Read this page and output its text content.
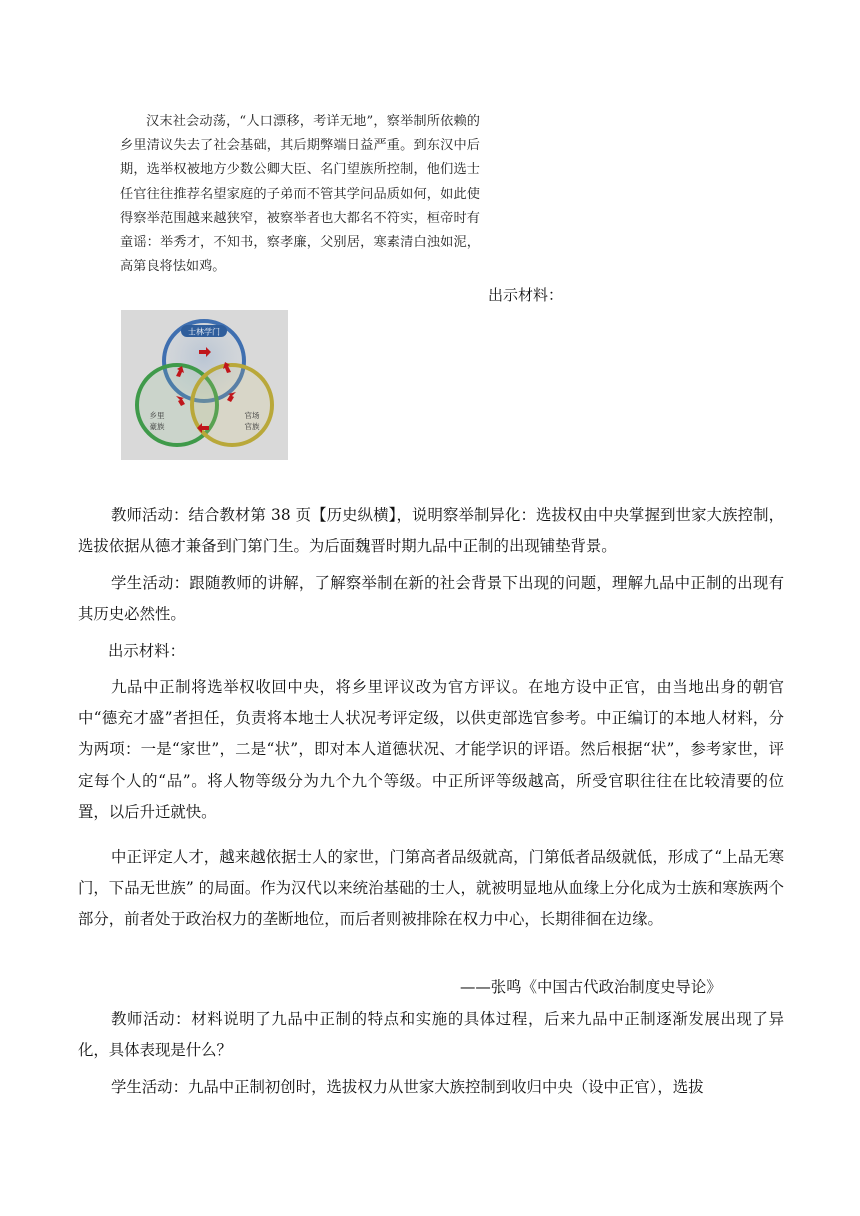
汉末社会动荡，“人口漂移，考详无地”，察举制所依赖的乡里清议失去了社会基础，其后期弊端日益严重。到东汉中后期，选举权被地方少数公卿大臣、名门望族所控制，他们选士任官往往推荐名望家庭的子弟而不管其学问品质如何，如此使得察举范围越来越狭窄，被察举者也大都名不符实，桓帝时有童谣：举秀才，不知书，察孝廉，父别居，寒素清白浊如泥，高第良将怯如鸡。

出示材料：
士林学门
乡里
豪族
官场
官族

教师活动：结合教材第 38 页【历史纵横】，说明察举制异化：选拔权由中央掌握到世家大族控制，选拔依据从德才兼备到门第门生。为后面魏晋时期九品中正制的出现铺垫背景。

学生活动：跟随教师的讲解，了解察举制在新的社会背景下出现的问题，理解九品中正制的出现有其历史必然性。

出示材料：

九品中正制将选举权收回中央，将乡里评议改为官方评议。在地方设中正官，由当地出身的朝官中“德充才盛”者担任，负责将本地士人状况考评定级，以供吏部选官参考。中正编订的本地人材料，分为两项：一是“家世”，二是“状”，即对本人道德状况、才能学识的评语。然后根据“状”，参考家世，评定每个人的“品”。将人物等级分为九个九个等级。中正所评等级越高，所受官职往往在比较清要的位置，以后升迁就快。

中正评定人才，越来越依据士人的家世，门第高者品级就高，门第低者品级就低，形成了“上品无寒门，下品无世族” 的局面。作为汉代以来统治基础的士人，就被明显地从血缘上分化成为士族和寒族两个部分，前者处于政治权力的垄断地位，而后者则被排除在权力中心，长期徘徊在边缘。

——张鸣《中国古代政治制度史导论》

教师活动：材料说明了九品中正制的特点和实施的具体过程，后来九品中正制逐渐发展出现了异化，具体表现是什么？

学生活动：九品中正制初创时，选拔权力从世家大族控制到收归中央（设中正官），选拔
